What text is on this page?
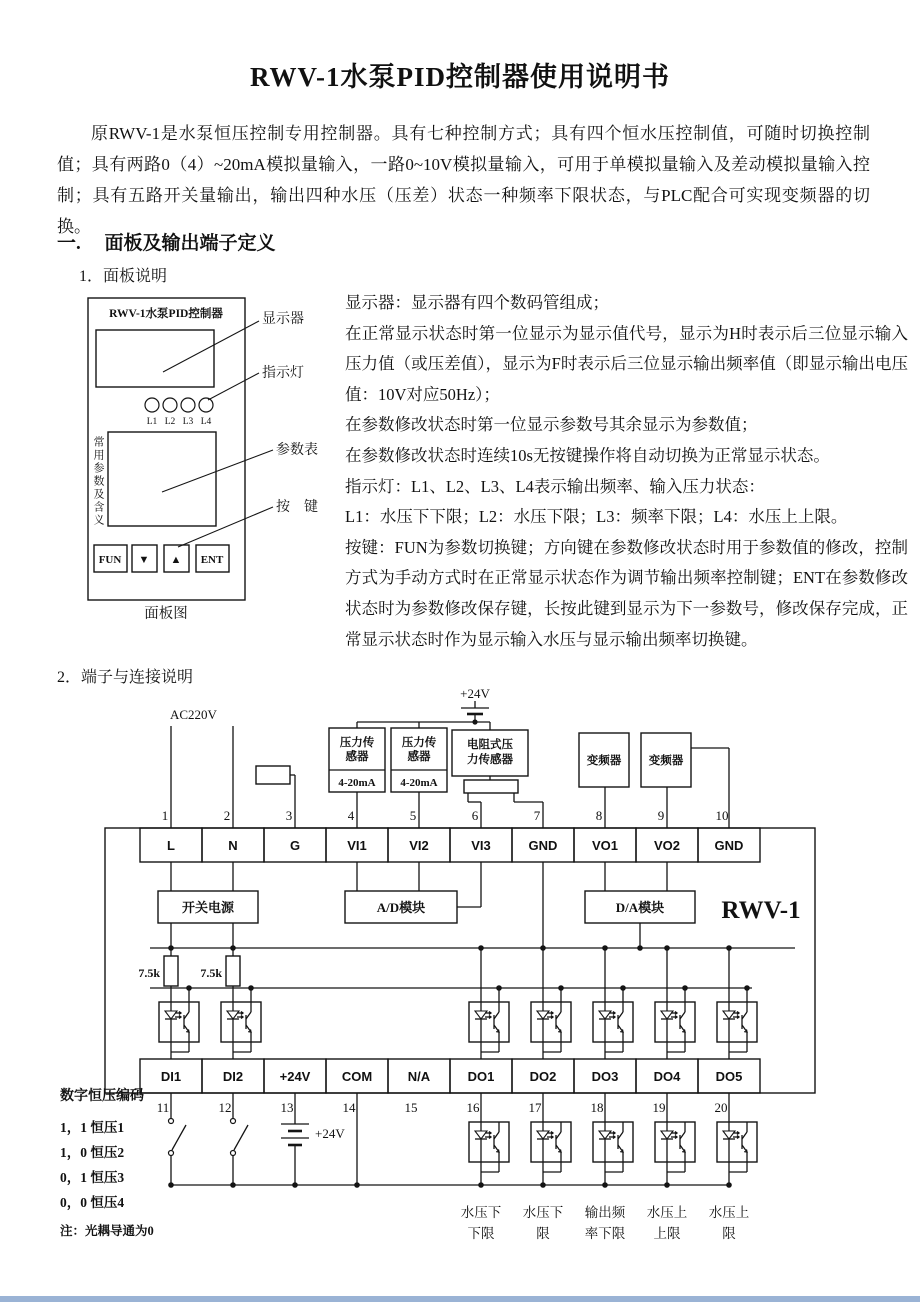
RWV-1水泵PID控制器使用说明书

原RWV-1是水泵恒压控制专用控制器。具有七种控制方式；具有四个恒水压控制值，可随时切换控制值；具有两路0（4）~20mA模拟量输入，一路0~10V模拟量输入，可用于单模拟量输入及差动模拟量输入控制；具有五路开关量输出，输出四种水压（压差）状态一种频率下限状态，与PLC配合可实现变频器的切换。

一.　 面板及输出端子定义
1．面板说明
RWV-1水泵PID控制器
L1 L2 L3 L4
FUN ▼ ▲ ENT
显示器
指示灯
参数表
按　键
面板图
常用参数及含义

显示器：显示器有四个数码管组成；

在正常显示状态时第一位显示为显示值代号，显示为H时表示后三位显示输入压力值（或压差值），显示为F时表示后三位显示输出频率值（即显示输出电压值：10V对应50Hz）；

在参数修改状态时第一位显示参数号其余显示为参数值；

在参数修改状态时连续10s无按键操作将自动切换为正常显示状态。

指示灯：L1、L2、L3、L4表示输出频率、输入压力状态：

L1：水压下下限；L2：水压下限；L3：频率下限；L4：水压上上限。

按键：FUN为参数切换键；方向键在参数修改状态时用于参数值的修改，控制方式为手动方式时在正常显示状态作为调节输出频率控制键；ENT在参数修改状态时为参数修改保存键，长按此键到显示为下一参数号，修改保存完成，正常显示状态时作为显示输入水压与显示输出频率切换键。

2．端子与连接说明
+24V
AC220V
压力传
感器
4-20mA
压力传
感器
4-20mA
电阻式压
力传感器	变频器 变频器
1	2	3	4	5	6	7	8	9	10
RWV-1
L	N	G	VI1	VI2	VI3	GND	VO1	VO2	GND
开关电源	A/D模块	D/A模块
7.5k	7.5k
DI1	DI2	+24V COM	N/A	DO1	DO2	DO3	DO4	DO5
11	12	13	14	15	16	17	18	19	20
+24V
水压下
下限
水压下
限
输出频
率下限
水压上
上限
水压上
限
数字恒压编码
1，1 恒压1
1，0 恒压2
0，1 恒压3
0，0 恒压4
注：光耦导通为0
